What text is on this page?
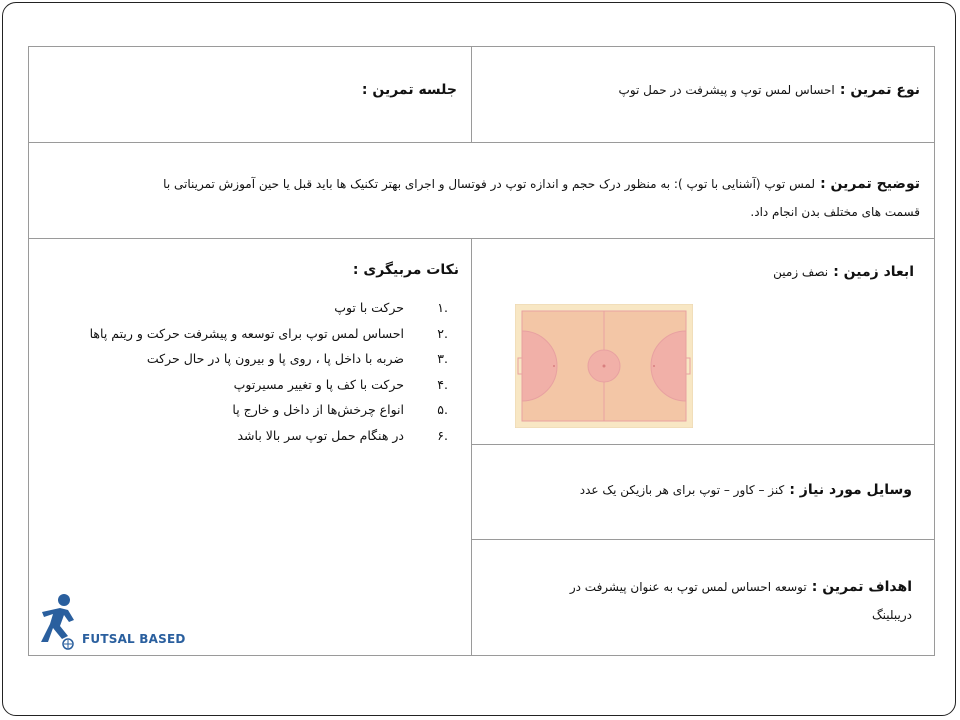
جلسه تمرین :	نوع تمرین : احساس لمس توپ و پیشرفت در حمل توپ
توضیح تمرین : لمس توپ (آشنایی با توپ ): به منظور درک حجم و اندازه توپ در فوتسال و اجرای بهتر تکنیک ها باید قبل یا حین آموزش تمریناتی با
قسمت های مختلف بدن انجام داد.
نکات مربیگری :
.۱
حرکت با توپ
.۲
احساس لمس توپ برای توسعه و پیشرفت حرکت و ریتم پاها
.۳
ضربه با داخل پا ، روی پا و بیرون پا در حال حرکت
.۴
حرکت با کف پا و تغییر مسیرتوپ
.۵
انواع چرخش‌ها از داخل و خارج پا
.۶
در هنگام حمل توپ سر بالا باشد
FUTSAL BASED
ابعاد زمین : نصف زمین
وسایل مورد نیاز : کنز – کاور – توپ برای هر بازیکن یک عدد
اهداف تمرین : توسعه احساس لمس توپ به عنوان پیشرفت در
دریبلینگ
